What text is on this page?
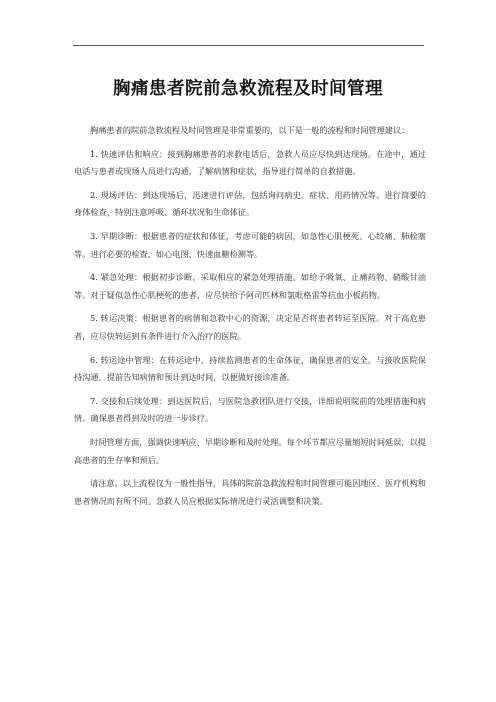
胸痛患者院前急救流程及时间管理

胸痛患者的院前急救流程及时间管理是非常重要的，以下是一般的流程和时间管理建议：

1. 快速评估和响应：接到胸痛患者的求救电话后，急救人员应尽快到达现场。在途中，通过电话与患者或现场人员进行沟通，了解病情和症状，指导进行简单的自救措施。

2. 现场评估：到达现场后，迅速进行评估，包括询问病史、症状、用药情况等。进行简要的身体检查，特别注意呼吸、循环状况和生命体征。

3. 早期诊断：根据患者的症状和体征，考虑可能的病因，如急性心肌梗死、心绞痛、肺栓塞等。进行必要的检查，如心电图、快速血糖检测等。

4. 紧急处理：根据初步诊断，采取相应的紧急处理措施。如给予吸氧、止痛药物、硝酸甘油等。对于疑似急性心肌梗死的患者，应尽快给予阿司匹林和氯吡格雷等抗血小板药物。

5. 转运决策：根据患者的病情和急救中心的资源，决定是否将患者转运至医院。对于高危患者，应尽快转运到有条件进行介入治疗的医院。

6. 转运途中管理：在转运途中，持续监测患者的生命体征，确保患者的安全。与接收医院保持沟通，提前告知病情和预计到达时间，以便做好接诊准备。

7. 交接和后续处理：到达医院后，与医院急救团队进行交接，详细说明院前的处理措施和病情。确保患者得到及时的进一步诊疗。

时间管理方面，强调快速响应、早期诊断和及时处理。每个环节都应尽量缩短时间延误，以提高患者的生存率和预后。

请注意，以上流程仅为一般性指导，具体的院前急救流程和时间管理可能因地区、医疗机构和患者情况而有所不同。急救人员应根据实际情况进行灵活调整和决策。
